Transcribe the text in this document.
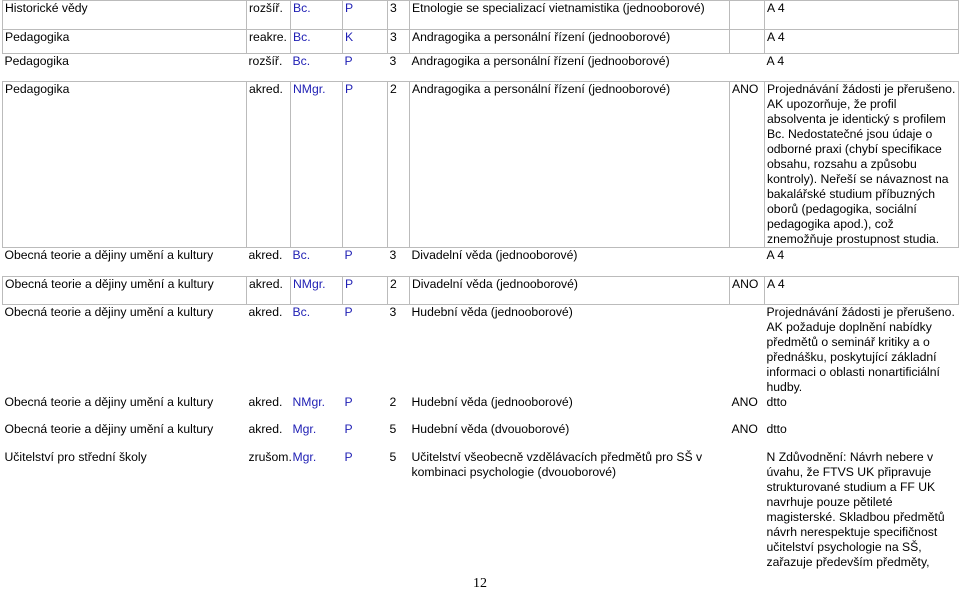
Historické vědy	rozšíř.	Bc.	P	3	Etnologie se specializací vietnamistika (jednooborové)		A 4
Pedagogika	reakre.	Bc.	K	3	Andragogika a personální řízení (jednooborové)		A 4
Pedagogika	rozšíř.	Bc.	P	3	Andragogika a personální řízení (jednooborové)		A 4
Pedagogika	akred.	NMgr.	P	2	Andragogika a personální řízení (jednooborové)	ANO	Projednávání žádosti je přerušeno. AK upozorňuje, že profil absolventa je identický s profilem Bc. Nedostatečné jsou údaje o odborné praxi (chybí specifikace obsahu, rozsahu a způsobu kontroly). Neřeší se návaznost na bakalářské studium příbuzných oborů (pedagogika, sociální pedagogika apod.), což znemožňuje prostupnost studia.
Obecná teorie a dějiny umění a kultury	akred.	Bc.	P	3	Divadelní věda (jednooborové)		A 4
Obecná teorie a dějiny umění a kultury	akred.	NMgr.	P	2	Divadelní věda (jednooborové)	ANO	A 4
Obecná teorie a dějiny umění a kultury	akred.	Bc.	P	3	Hudební věda (jednooborové)		Projednávání žádosti je přerušeno. AK požaduje doplnění nabídky předmětů o seminář kritiky a o přednášku, poskytující základní informaci o oblasti nonartificiální hudby.
Obecná teorie a dějiny umění a kultury	akred.	NMgr.	P	2	Hudební věda (jednooborové)	ANO	dtto
Obecná teorie a dějiny umění a kultury	akred.	Mgr.	P	5	Hudební věda (dvouoborové)	ANO	dtto
Učitelství pro střední školy	zrušom.	Mgr.	P	5	Učitelství všeobecně vzdělávacích předmětů pro SŠ v kombinaci psychologie (dvouoborové)		N Zdůvodnění: Návrh nebere v úvahu, že FTVS UK připravuje strukturované studium a FF UK navrhuje pouze pětileté magisterské. Skladbou předmětů návrh nerespektuje specifičnost učitelství psychologie na SŠ, zařazuje především předměty,
12
